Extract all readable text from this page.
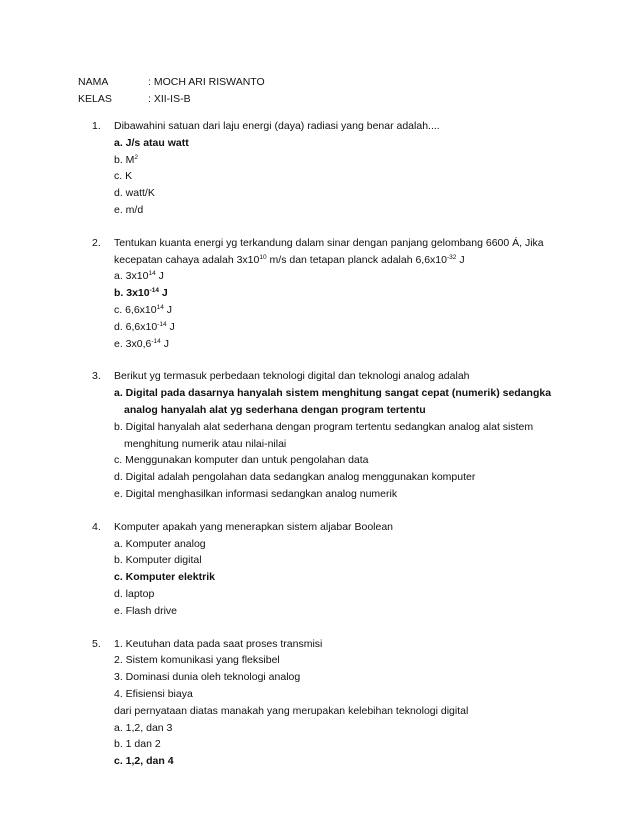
NAMA	: MOCH ARI RISWANTO
KELAS	: XII-IS-B
1.	Dibawahini satuan dari laju energi (daya) radiasi yang benar adalah....
a. J/s atau watt
b. $M^2$
c. K
d. watt/K
e. m/d
2.	Tentukan kuanta energi yg terkandung dalam sinar dengan panjang gelombang 6600 Á, Jika
kecepatan cahaya adalah $3x10^{10}$ m/s dan tetapan planck adalah $6,6x10^{-32}$ J
a. $3x10^{14}$ J
b. $3x10^{-14}$ J
c. $6,6x10^{14}$ J
d. $6,6x10^{-14}$ J
e. $3x0,6^{-14}$ J
3.	Berikut yg termasuk perbedaan teknologi digital dan teknologi analog adalah
a. Digital pada dasarnya hanyalah sistem menghitung sangat cepat (numerik) sedangka
analog hanyalah alat yg sederhana dengan program tertentu
b. Digital hanyalah alat sederhana dengan program tertentu sedangkan analog alat sistem
menghitung numerik atau nilai-nilai
c. Menggunakan komputer dan untuk pengolahan data
d. Digital adalah pengolahan data sedangkan analog menggunakan komputer
e. Digital menghasilkan informasi sedangkan analog numerik
4.	Komputer apakah yang menerapkan sistem aljabar Boolean
a. Komputer analog
b. Komputer digital
c. Komputer elektrik
d. laptop
e. Flash drive
5.	1. Keutuhan data pada saat proses transmisi
2. Sistem komunikasi yang fleksibel
3. Dominasi dunia oleh teknologi analog
4. Efisiensi biaya
dari pernyataan diatas manakah yang merupakan kelebihan teknologi digital
a. 1,2, dan 3
b. 1 dan 2
c. 1,2, dan 4
